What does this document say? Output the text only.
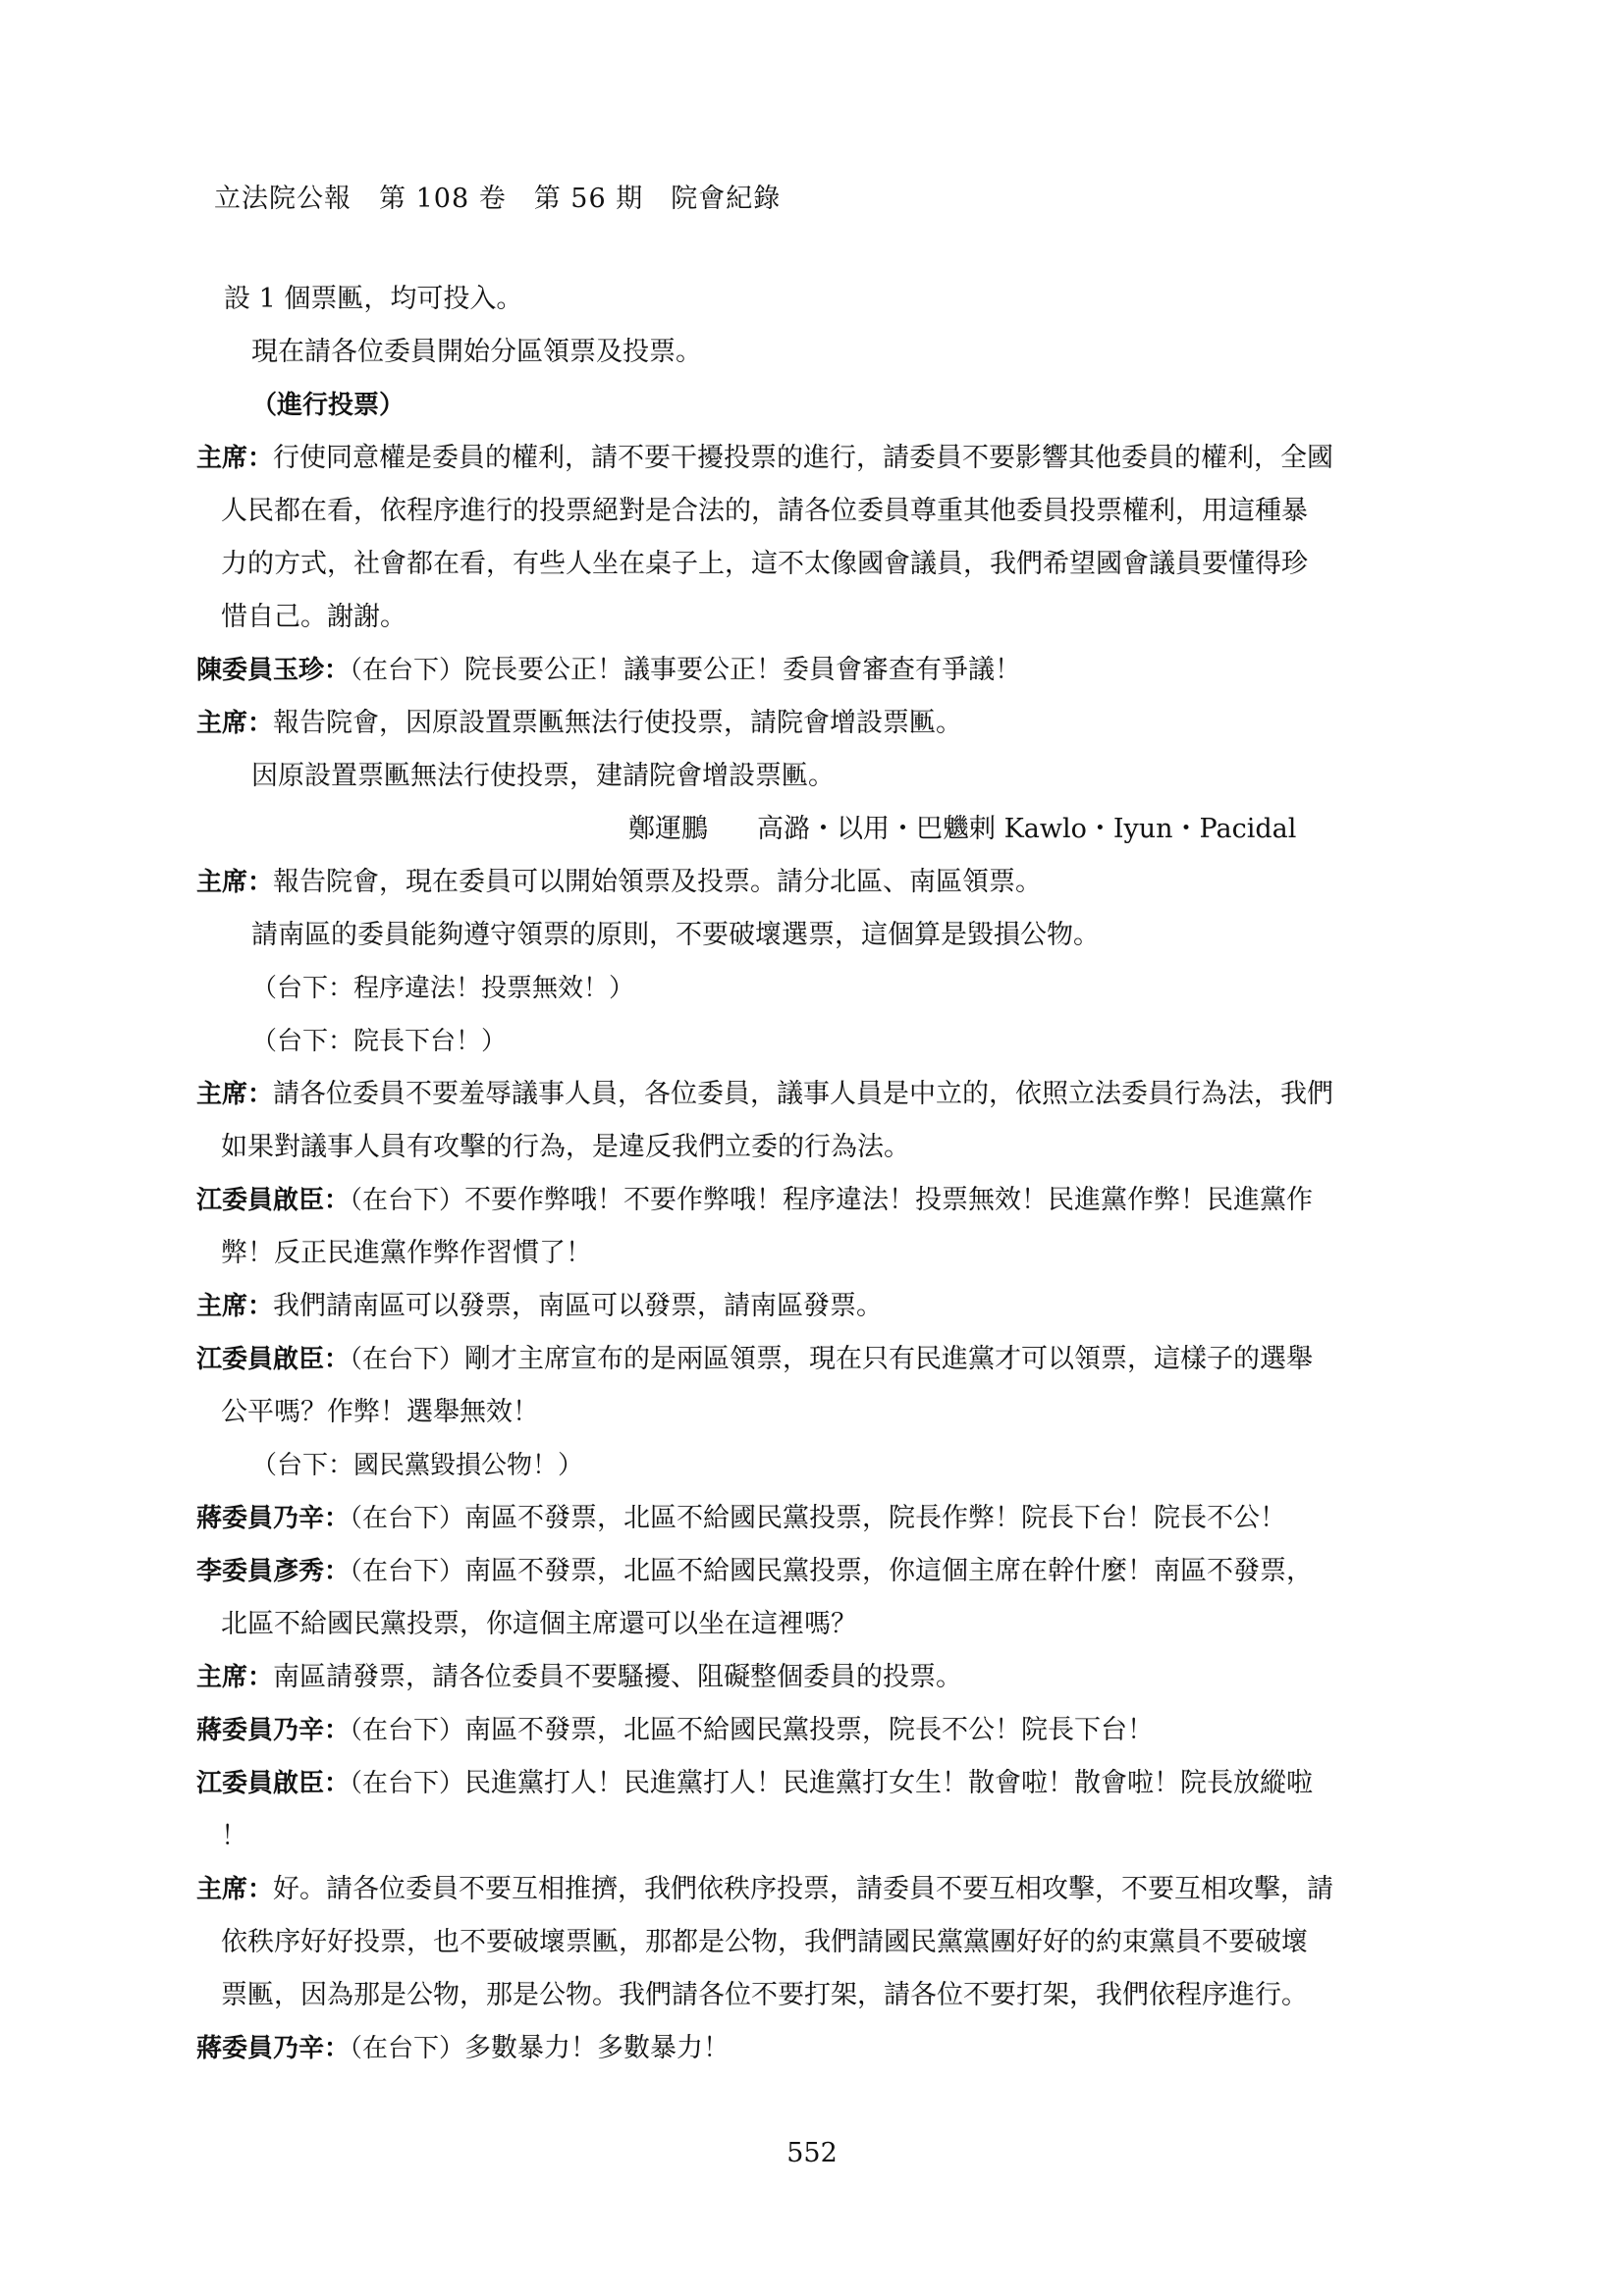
立法院公報　第 108 卷　第 56 期　院會紀錄
設 1 個票匭，均可投入。
現在請各位委員開始分區領票及投票。
（進行投票）
主席：行使同意權是委員的權利，請不要干擾投票的進行，請委員不要影響其他委員的權利，全國
人民都在看，依程序進行的投票絕對是合法的，請各位委員尊重其他委員投票權利，用這種暴
力的方式，社會都在看，有些人坐在桌子上，這不太像國會議員，我們希望國會議員要懂得珍
惜自己。謝謝。
陳委員玉珍：（在台下）院長要公正！議事要公正！委員會審查有爭議！
主席：報告院會，因原設置票匭無法行使投票，請院會增設票匭。
因原設置票匭無法行使投票，建請院會增設票匭。
鄭運鵬 高潞・以用・巴魕剌 Kawlo・Iyun・Pacidal
主席：報告院會，現在委員可以開始領票及投票。請分北區、南區領票。
請南區的委員能夠遵守領票的原則，不要破壞選票，這個算是毀損公物。
（台下：程序違法！投票無效！）
（台下：院長下台！）
主席：請各位委員不要羞辱議事人員，各位委員，議事人員是中立的，依照立法委員行為法，我們
如果對議事人員有攻擊的行為，是違反我們立委的行為法。
江委員啟臣：（在台下）不要作弊哦！不要作弊哦！程序違法！投票無效！民進黨作弊！民進黨作
弊！反正民進黨作弊作習慣了！
主席：我們請南區可以發票，南區可以發票，請南區發票。
江委員啟臣：（在台下）剛才主席宣布的是兩區領票，現在只有民進黨才可以領票，這樣子的選舉
公平嗎？作弊！選舉無效！
（台下：國民黨毀損公物！）
蔣委員乃辛：（在台下）南區不發票，北區不給國民黨投票，院長作弊！院長下台！院長不公！
李委員彥秀：（在台下）南區不發票，北區不給國民黨投票，你這個主席在幹什麼！南區不發票，
北區不給國民黨投票，你這個主席還可以坐在這裡嗎？
主席：南區請發票，請各位委員不要騷擾、阻礙整個委員的投票。
蔣委員乃辛：（在台下）南區不發票，北區不給國民黨投票，院長不公！院長下台！
江委員啟臣：（在台下）民進黨打人！民進黨打人！民進黨打女生！散會啦！散會啦！院長放縱啦
！
主席：好。請各位委員不要互相推擠，我們依秩序投票，請委員不要互相攻擊，不要互相攻擊，請
依秩序好好投票，也不要破壞票匭，那都是公物，我們請國民黨黨團好好的約束黨員不要破壞
票匭，因為那是公物，那是公物。我們請各位不要打架，請各位不要打架，我們依程序進行。
蔣委員乃辛：（在台下）多數暴力！多數暴力！
552
